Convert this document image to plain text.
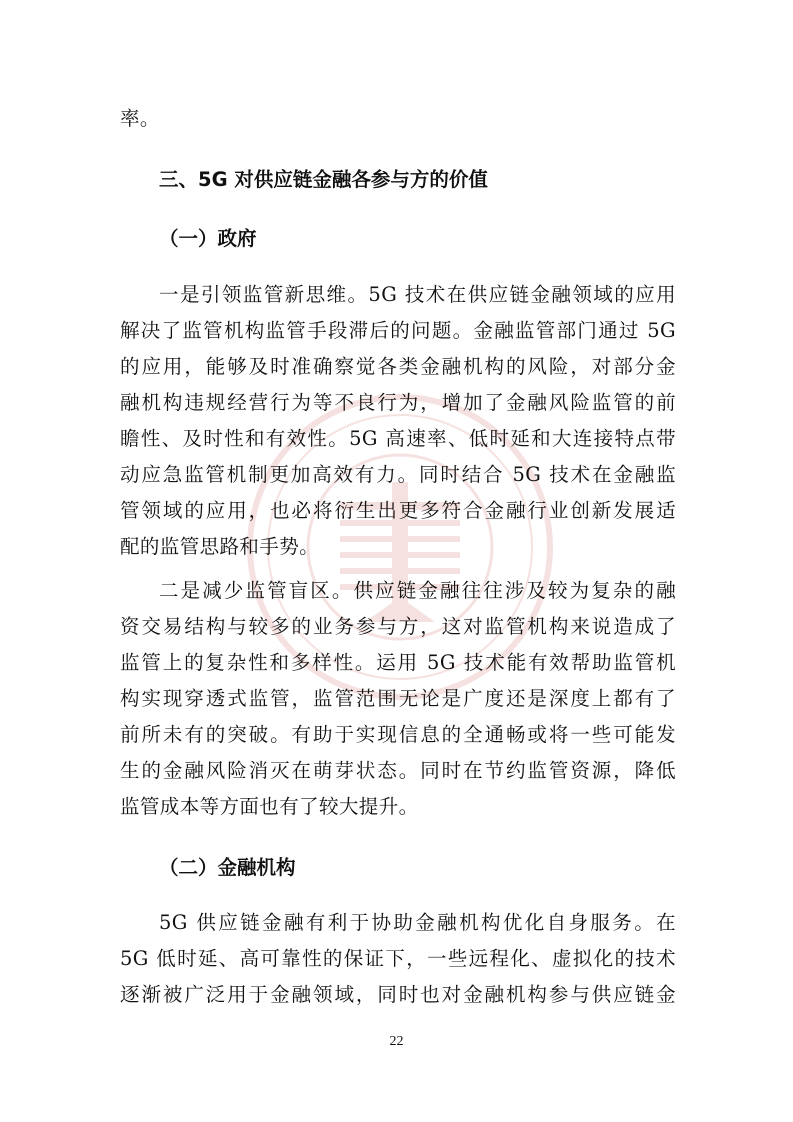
率。
三、5G 对供应链金融各参与方的价值
（一）政府
一是引领监管新思维。5G 技术在供应链金融领域的应用
解决了监管机构监管手段滞后的问题。金融监管部门通过 5G
的应用，能够及时准确察觉各类金融机构的风险，对部分金
融机构违规经营行为等不良行为，增加了金融风险监管的前
瞻性、及时性和有效性。5G 高速率、低时延和大连接特点带
动应急监管机制更加高效有力。同时结合 5G 技术在金融监
管领域的应用，也必将衍生出更多符合金融行业创新发展适
配的监管思路和手势。
二是减少监管盲区。供应链金融往往涉及较为复杂的融
资交易结构与较多的业务参与方，这对监管机构来说造成了
监管上的复杂性和多样性。运用 5G 技术能有效帮助监管机
构实现穿透式监管，监管范围无论是广度还是深度上都有了
前所未有的突破。有助于实现信息的全通畅或将一些可能发
生的金融风险消灭在萌芽状态。同时在节约监管资源，降低
监管成本等方面也有了较大提升。
（二）金融机构
5G 供应链金融有利于协助金融机构优化自身服务。在
5G 低时延、高可靠性的保证下，一些远程化、虚拟化的技术
逐渐被广泛用于金融领域，同时也对金融机构参与供应链金
22
